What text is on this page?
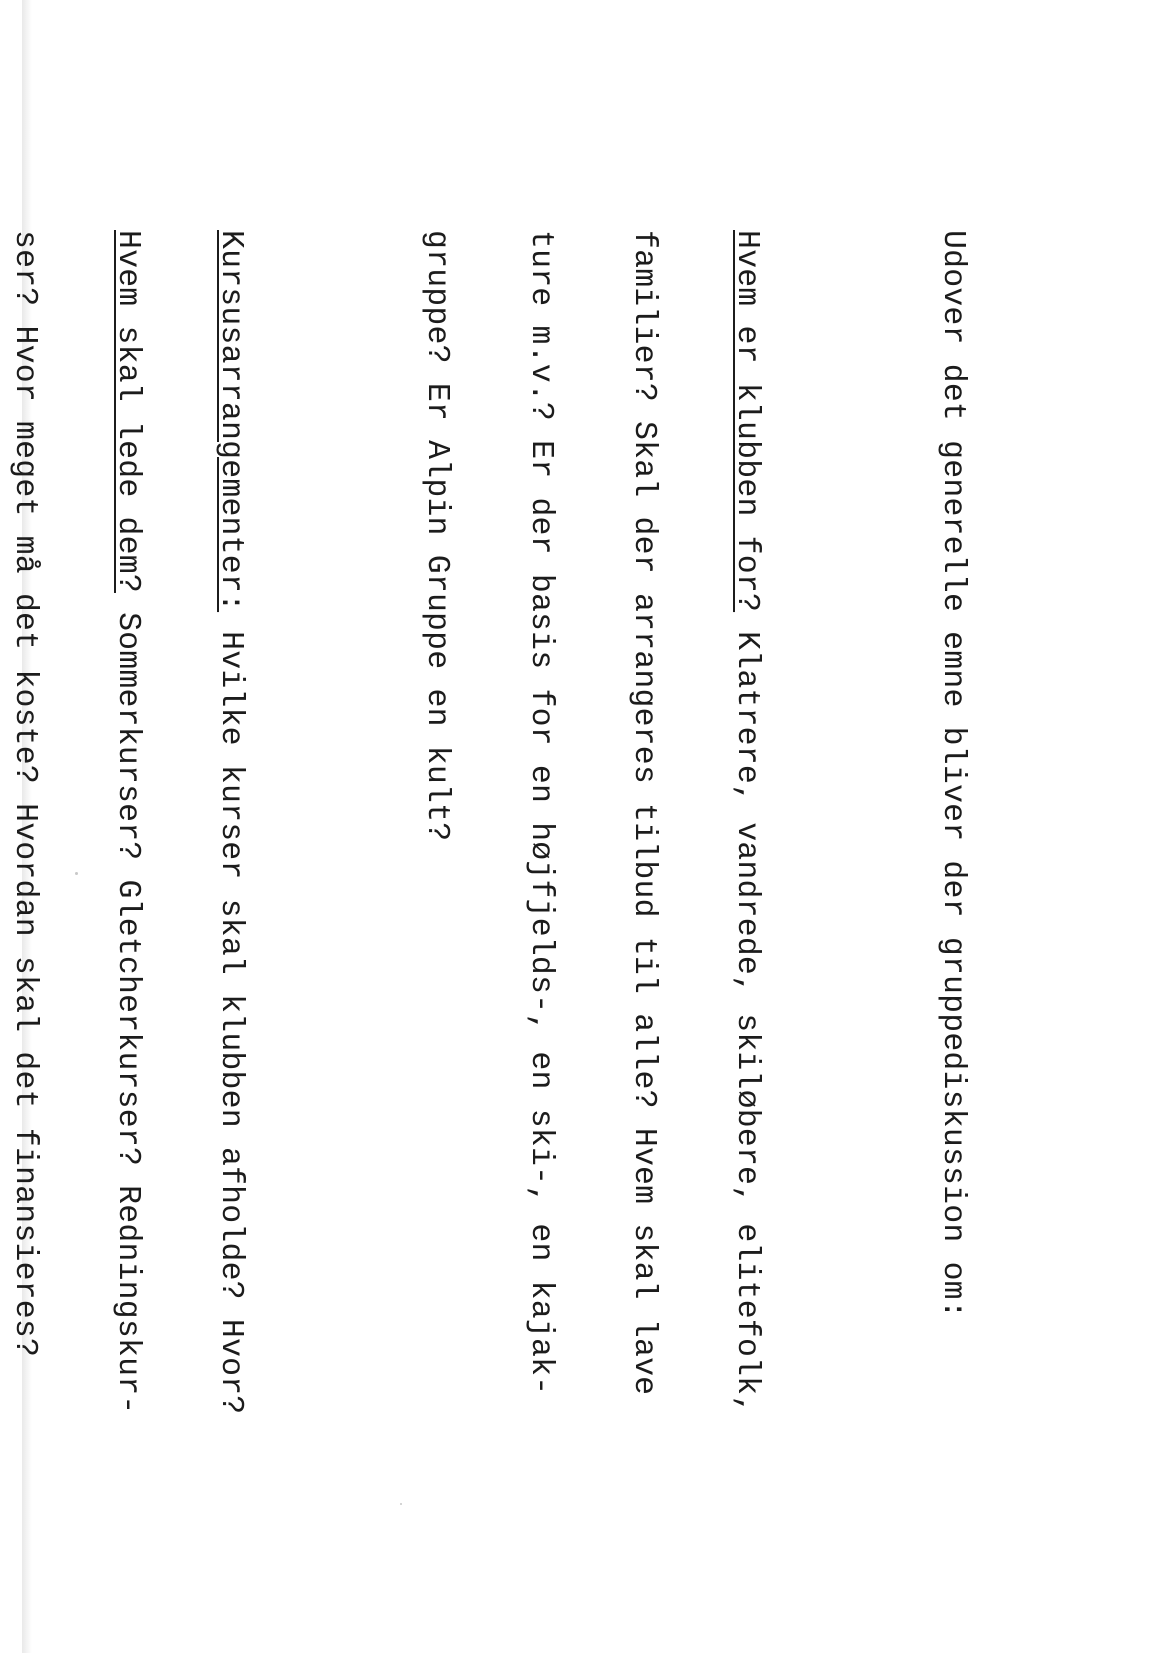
Udover det generelle emne bliver der gruppediskussion om:

Hvem er klubben for? Klatrere, vandrede, skiløbere, elitefolk,

familier? Skal der arrangeres tilbud til alle? Hvem skal lave

ture m.v.? Er der basis for en højfjelds-, en ski-, en kajak-

gruppe? Er Alpin Gruppe en kult?

Kursusarrangementer: Hvilke kurser skal klubben afholde? Hvor?

Hvem skal lede dem? Sommerkurser? Gletcherkurser? Redningskur-

ser? Hvor meget må det koste? Hvordan skal det finansieres?
